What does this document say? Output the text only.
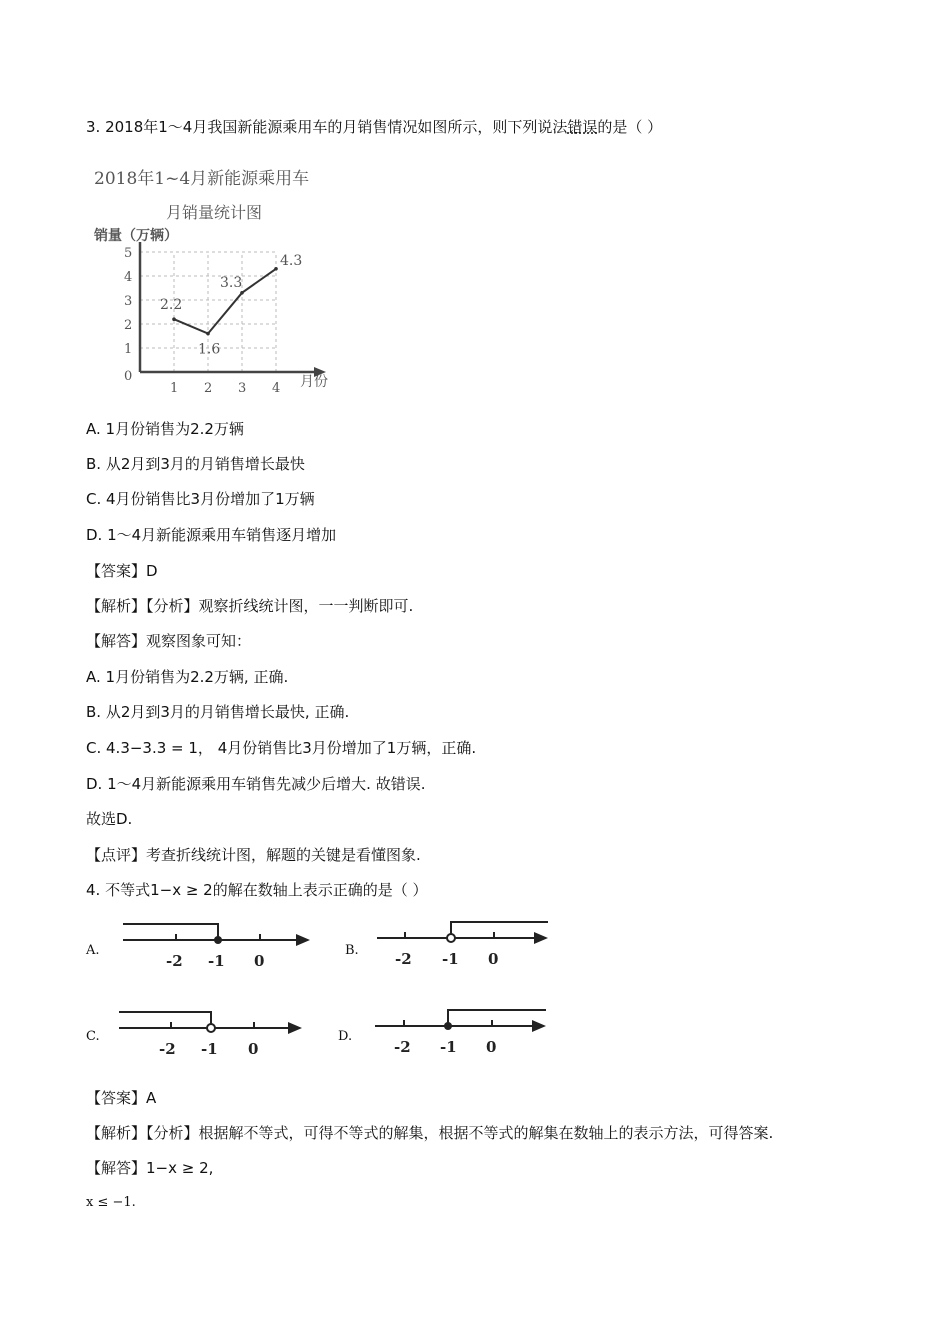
3. 2018年1～4月我国新能源乘用车的月销售情况如图所示，则下列说法错误的是（ ）
2018年1~4月新能源乘用车
月销量统计图
销量（万辆）
月份
0
1
2
3
4
5
1 2 3 4
2.2
1.6
3.3
4.3
A. 1月份销售为2.2万辆
B. 从2月到3月的月销售增长最快
C. 4月份销售比3月份增加了1万辆
D. 1～4月新能源乘用车销售逐月增加
【答案】D
【解析】【分析】观察折线统计图，一一判断即可.
【解答】观察图象可知：
A. 1月份销售为2.2万辆, 正确.
B. 从2月到3月的月销售增长最快, 正确.
C. 4.3−3.3 = 1， 4月份销售比3月份增加了1万辆，正确.
D. 1～4月新能源乘用车销售先减少后增大. 故错误.
故选D.
【点评】考查折线统计图，解题的关键是看懂图象.
4. 不等式1−x ≥ 2的解在数轴上表示正确的是（ ）
A.
-2 -1 0
B. -2 -1 0
C.
-2 -1 0
D.
-2 -1 0
【答案】A
【解析】【分析】根据解不等式，可得不等式的解集，根据不等式的解集在数轴上的表示方法，可得答案.
【解答】1−x ≥ 2,
x ≤ −1.
